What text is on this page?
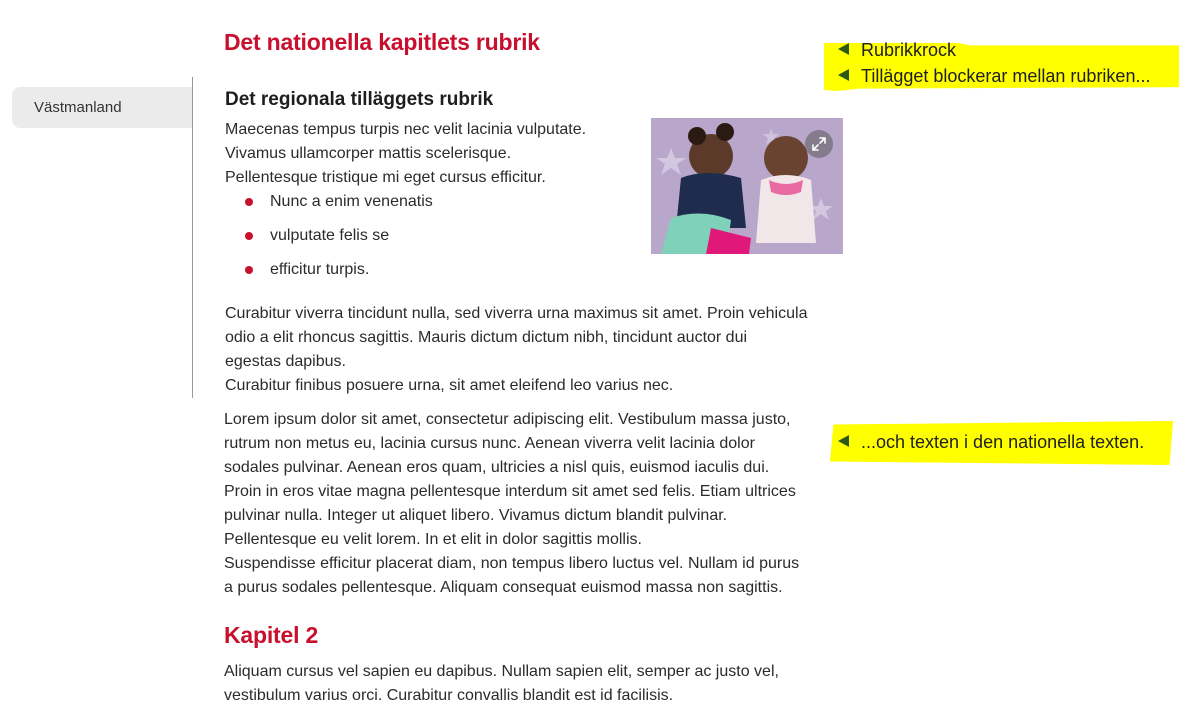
Västmanland
Det nationella kapitlets rubrik
Det regionala tilläggets rubrik

Maecenas tempus turpis nec velit lacinia vulputate.
Vivamus ullamcorper mattis scelerisque.
Pellentesque tristique mi eget cursus efficitur.

Nunc a enim venenatis
vulputate felis se
efficitur turpis.

Curabitur viverra tincidunt nulla, sed viverra urna maximus sit amet. Proin vehicula
odio a elit rhoncus sagittis. Mauris dictum dictum nibh, tincidunt auctor dui
egestas dapibus.
Curabitur finibus posuere urna, sit amet eleifend leo varius nec.

Lorem ipsum dolor sit amet, consectetur adipiscing elit. Vestibulum massa justo,
rutrum non metus eu, lacinia cursus nunc. Aenean viverra velit lacinia dolor
sodales pulvinar. Aenean eros quam, ultricies a nisl quis, euismod iaculis dui.
Proin in eros vitae magna pellentesque interdum sit amet sed felis. Etiam ultrices
pulvinar nulla. Integer ut aliquet libero. Vivamus dictum blandit pulvinar.
Pellentesque eu velit lorem. In et elit in dolor sagittis mollis.
Suspendisse efficitur placerat diam, non tempus libero luctus vel. Nullam id purus
a purus sodales pellentesque. Aliquam consequat euismod massa non sagittis.

Kapitel 2

Aliquam cursus vel sapien eu dapibus. Nullam sapien elit, semper ac justo vel,
vestibulum varius orci. Curabitur convallis blandit est id facilisis.

Rubrikkrock
Tillägget blockerar mellan rubriken...
...och texten i den nationella texten.
